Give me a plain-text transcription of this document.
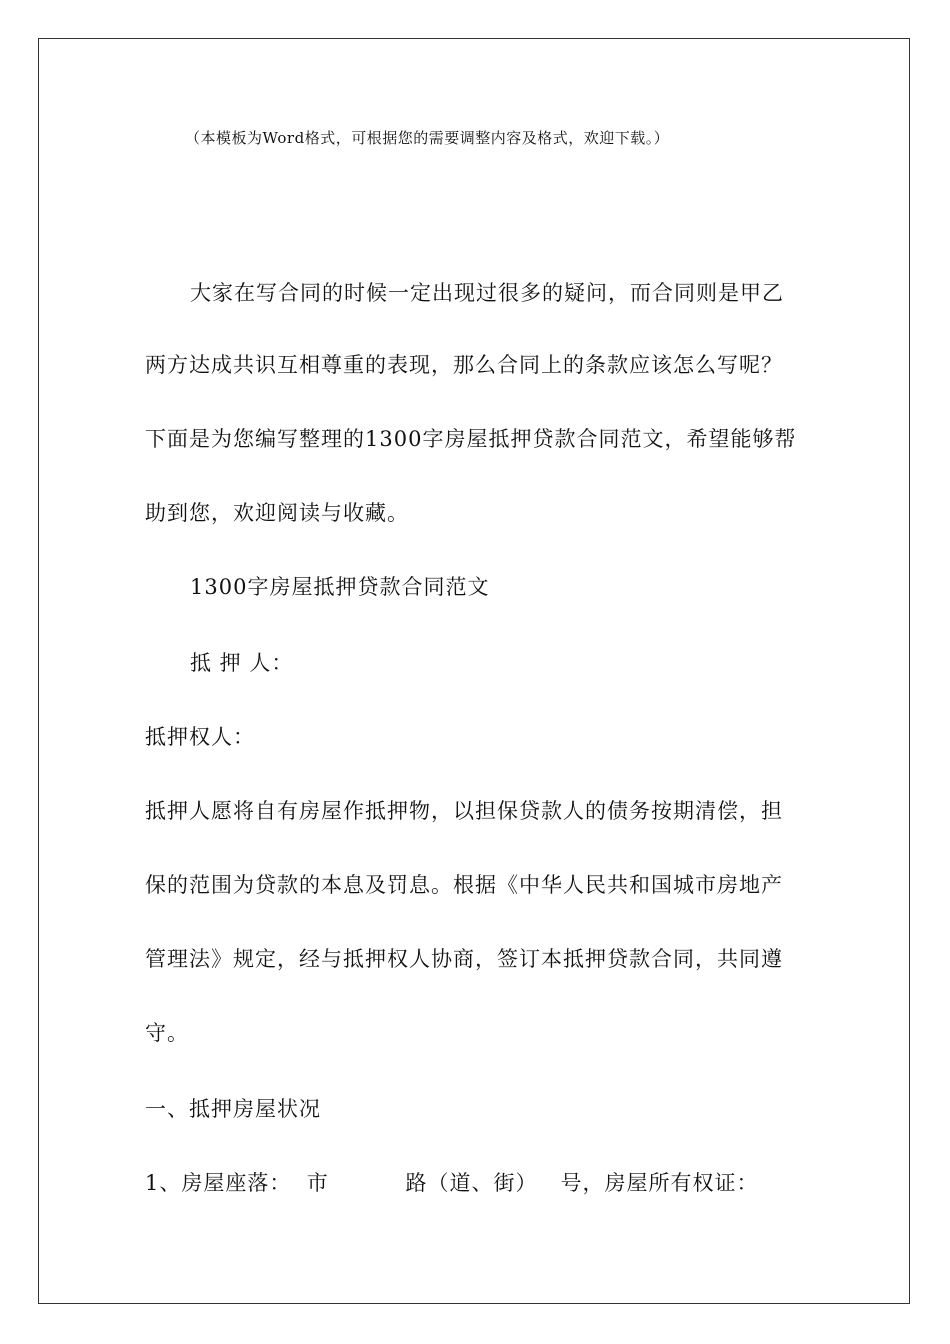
（本模板为Word格式，可根据您的需要调整内容及格式，欢迎下载。）
大家在写合同的时候一定出现过很多的疑问，而合同则是甲乙
两方达成共识互相尊重的表现，那么合同上的条款应该怎么写呢？
下面是为您编写整理的1300字房屋抵押贷款合同范文，希望能够帮
助到您，欢迎阅读与收藏。
1300字房屋抵押贷款合同范文
抵 押 人：
抵押权人：
抵押人愿将自有房屋作抵押物，以担保贷款人的债务按期清偿，担
保的范围为贷款的本息及罚息。根据《中华人民共和国城市房地产
管理法》规定，经与抵押权人协商，签订本抵押贷款合同，共同遵
守。
一、抵押房屋状况
1、房屋座落：  市          路（道、街）   号，房屋所有权证：
